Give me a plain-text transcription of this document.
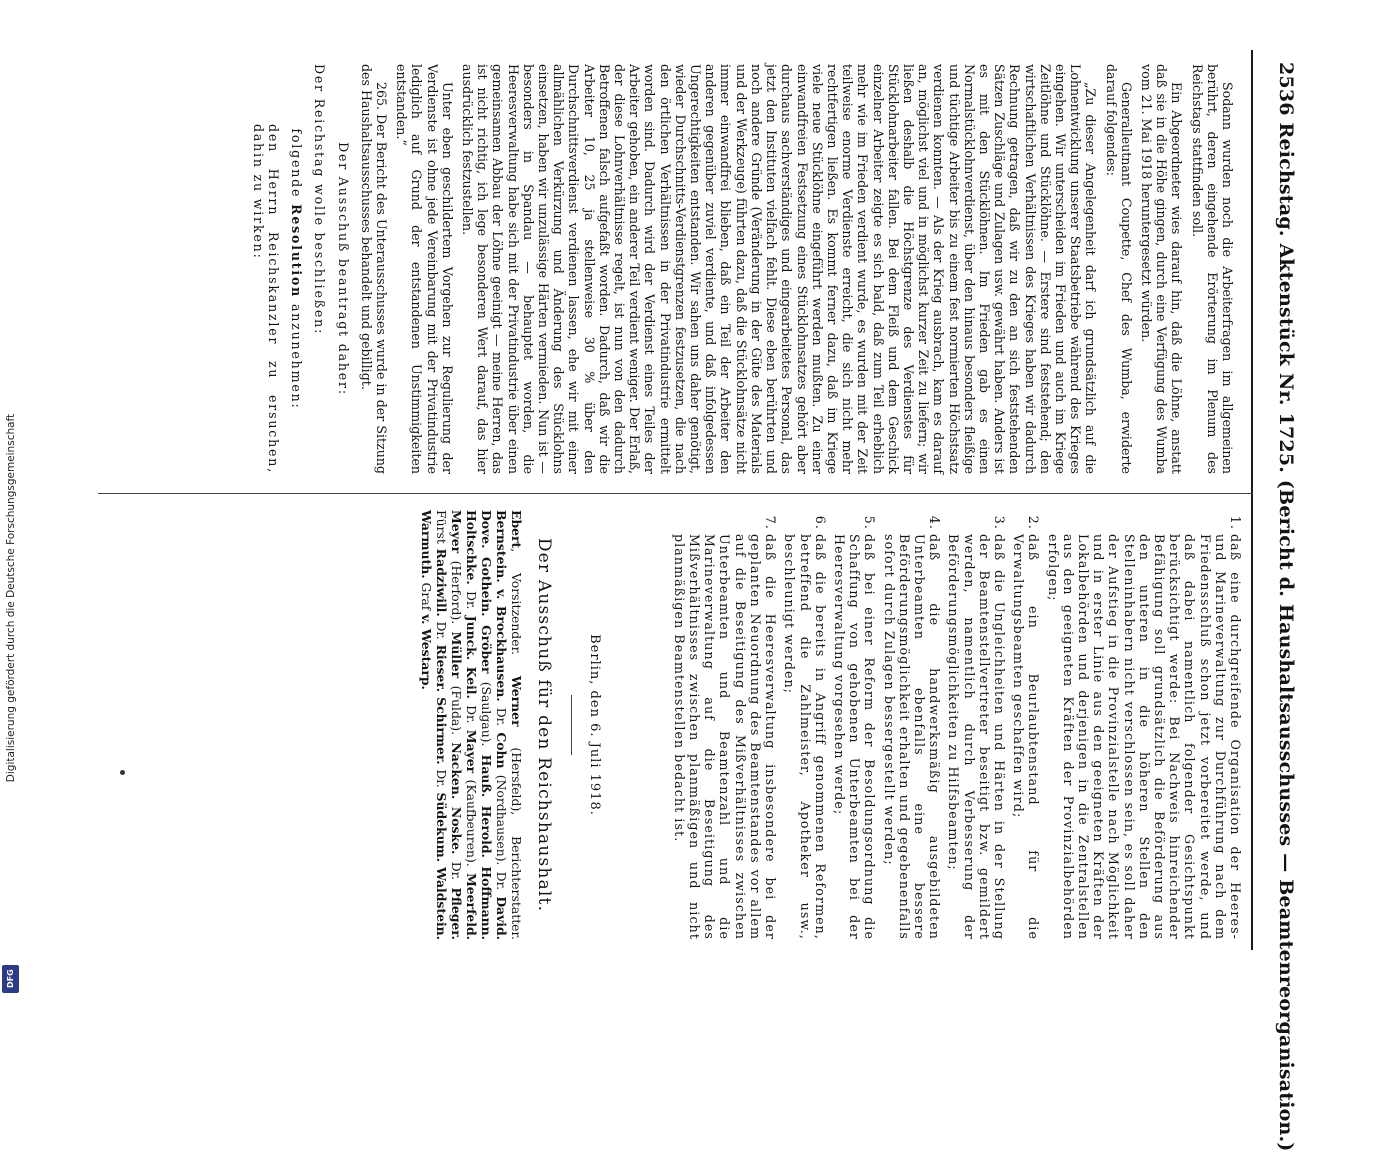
Digitalisierung gefördert durch die Deutsche Forschungsgemeinschaft
DFG	2536 Reichstag. Aktenstück Nr. 1725. (Bericht d. Haushaltsausschusses — Beamtenreorganisation.)

Sodann wurden noch die Arbeiterfragen im allgemeinen berührt, deren eingehende Erörterung im Plenum des Reichstags stattfinden soll.

Ein Abgeordneter wies darauf hin, daß die Löhne, anstatt daß sie in die Höhe gingen, durch eine Verfügung des Wumba vom 21. Mai 1918 heruntergesetzt würden.

Generalleutnant Coupette, Chef des Wumba, erwiderte darauf folgendes:

„Zu dieser Angelegenheit darf ich grundsätzlich auf die Lohnentwicklung unserer Staatsbetriebe während des Krieges eingehen. Wir unterscheiden im Frieden und auch im Kriege Zeitlöhne und Stücklöhne. — Erstere sind feststehend; den wirtschaftlichen Verhältnissen des Krieges haben wir dadurch Rechnung getragen, daß wir zu den an sich feststehenden Sätzen Zuschläge und Zulagen usw. gewährt haben. Anders ist es mit den Stücklöhnen. Im Frieden gab es einen Normalstücklohnverdienst, über den hinaus besonders fleißige und tüchtige Arbeiter bis zu einem fest normierten Höchstsatz verdienen konnten. — Als der Krieg ausbrach, kam es darauf an, möglichst viel und in möglichst kurzer Zeit zu liefern; wir ließen deshalb die Höchstgrenze des Verdienstes für Stücklohnarbeiter fallen. Bei dem Fleiß und dem Geschick einzelner Arbeiter zeigte es sich bald, daß zum Teil erheblich mehr wie im Frieden verdient wurde, es wurden mit der Zeit teilweise enorme Verdienste erreicht, die sich nicht mehr rechtfertigen ließen. Es kommt ferner dazu, daß im Kriege viele neue Stücklöhne eingeführt werden mußten. Zu einer einwandfreien Festsetzung eines Stücklohnsatzes gehört aber durchaus sachverständiges und eingearbeitetes Personal, das jetzt den Instituten vielfach fehlt. Diese eben berührten und noch andere Gründe (Veränderung in der Güte des Materials und der Werkzeuge) führten dazu, daß die Stücklohnsätze nicht immer einwandfrei blieben, daß ein Teil der Arbeiter den anderen gegenüber zuviel verdiente, und daß infolgedessen Ungerechtigkeiten entstanden. Wir sahen uns daher genötigt, wieder Durchschnitts-Verdienstgrenzen festzusetzen, die nach den örtlichen Verhältnissen in der Privatindustrie ermittelt worden sind. Dadurch wird der Verdienst eines Teiles der Arbeiter gehoben, ein anderer Teil verdient weniger. Der Erlaß, der diese Lohnverhältnisse regelt, ist nun von den dadurch Betroffenen falsch aufgefaßt worden. Dadurch, daß wir die Arbeiter 10, 25 ja stellenweise 30 % über den Durchschnittsverdienst verdienen lassen, ehe wir mit einer allmählichen Verkürzung und Änderung des Stücklohns einsetzen, haben wir unzulässige Härten vermieden. Nun ist — besonders in Spandau — behauptet worden, die Heeresverwaltung habe sich mit der Privatindustrie über einen gemeinsamen Abbau der Löhne geeinigt — meine Herren, das ist nicht richtig, ich lege besonderen Wert darauf, das hier ausdrücklich festzustellen.

Unter eben geschildertem Vorgehen zur Regulierung der Verdienste ist ohne jede Vereinbarung mit der Privatindustrie lediglich auf Grund der entstandenen Unstimmigkeiten entstanden.“

265. Der Bericht des Unterausschusses wurde in der Sitzung des Haushaltsausschusses behandelt und gebilligt.

Der Ausschuß beantragt daher:

Der Reichstag wolle beschließen:

folgende Resolution anzunehmen:

den Herrn Reichskanzler zu ersuchen, dahin zu wirken:

1.
daß eine durchgreifende Organisation der Heeres- und Marineverwaltung zur Durchführung nach dem Friedensschluß schon jetzt vorbereitet werde, und daß dabei namentlich folgender Gesichtspunkt berücksichtigt werde: Bei Nachweis hinreichender Befähigung soll grundsätzlich die Beförderung aus den unteren in die höheren Stellen den Stelleninhabern nicht verschlossen sein, es soll daher der Aufstieg in die Provinzialstelle nach Möglichkeit und in erster Linie aus den geeigneten Kräften der Lokalbehörden und derjenigen in die Zentralstellen aus den geeigneten Kräften der Provinzialbehörden erfolgen;
2.
daß ein Beurlaubtenstand für die Verwaltungsbeamten geschaffen wird;
3.
daß die Ungleichheiten und Härten in der Stellung der Beamtenstellvertreter beseitigt bzw. gemildert werden, namentlich durch Verbesserung der Beförderungsmöglichkeiten zu Hilfsbeamten;
4.
daß die handwerksmäßig ausgebildeten Unterbeamten ebenfalls eine bessere Beförderungsmöglichkeit erhalten und gegebenenfalls sofort durch Zulagen bessergestellt werden;
5.
daß bei einer Reform der Besoldungsordnung die Schaffung von gehobenen Unterbeamten bei der Heeresverwaltung vorgesehen werde;
6.
daß die bereits in Angriff genommenen Reformen, betreffend die Zahlmeister, Apotheker usw., beschleunigt werden;
7.
daß die Heeresverwaltung insbesondere bei der geplanten Neuordnung des Beamtenstandes vor allem auf die Beseitigung des Mißverhältnisses zwischen Unterbeamten und Beamtenzahl und die Marineverwaltung auf die Beseitigung des Mißverhältnisses zwischen planmäßigen und nicht planmäßigen Beamtenstellen bedacht ist.
Berlin, den 6. Juli 1918.
Der Ausschuß für den Reichshaushalt.
Ebert, Vorsitzender. Werner (Hersfeld), Berichterstatter. Bernstein. v. Brockhausen. Dr. Cohn (Nordhausen). Dr. David. Dove. Gothein. Gröber (Saulgau). Hauß. Herold. Hoffmann. Holtschke. Dr. Junck. Keil. Dr. Mayer (Kaufbeuren). Meerfeld. Meyer (Herford). Müller (Fulda). Nacken. Noske. Dr. Pfleger. Fürst Radziwill. Dr. Rieser. Schirmer. Dr. Südekum. Waldstein. Warmuth. Graf v. Westarp.
